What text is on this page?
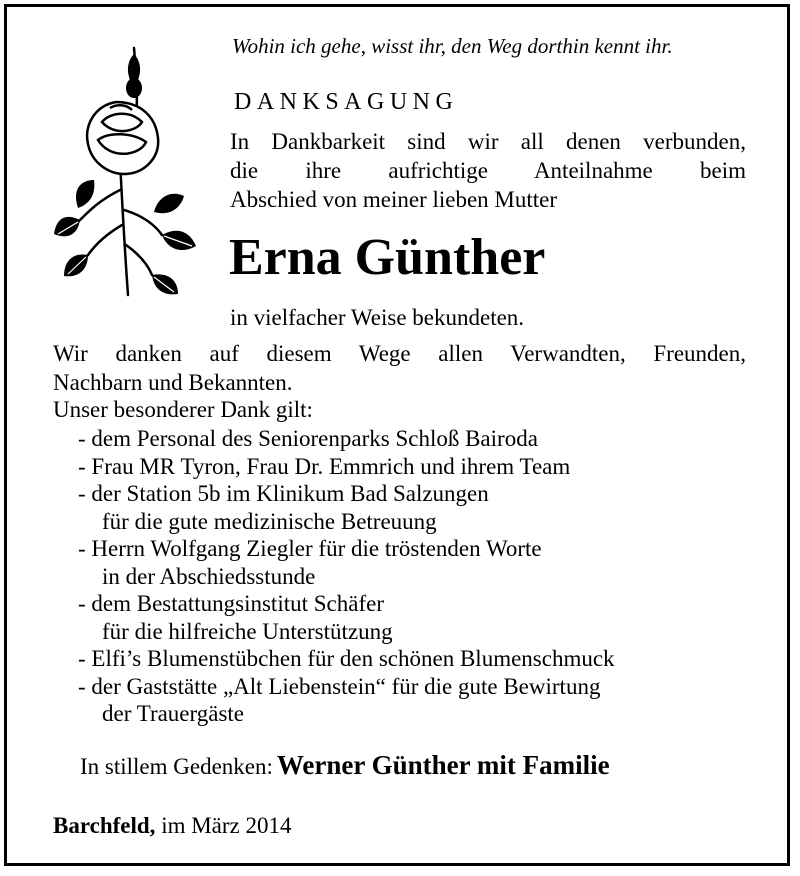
Wohin ich gehe, wisst ihr, den Weg dorthin kennt ihr.
DANKSAGUNG
In Dankbarkeit sind wir all denen verbunden,
die ihre aufrichtige Anteilnahme beim
Abschied von meiner lieben Mutter
Erna Günther
in vielfacher Weise bekundeten.
Wir danken auf diesem Wege allen Verwandten, Freunden,
Nachbarn und Bekannten.
Unser besonderer Dank gilt:
- dem Personal des Seniorenparks Schloß Bairoda
- Frau MR Tyron, Frau Dr. Emmrich und ihrem Team
- der Station 5b im Klinikum Bad Salzungen
für die gute medizinische Betreuung
- Herrn Wolfgang Ziegler für die tröstenden Worte
in der Abschiedsstunde
- dem Bestattungsinstitut Schäfer
für die hilfreiche Unterstützung
- Elfi’s Blumenstübchen für den schönen Blumenschmuck
- der Gaststätte „Alt Liebenstein“ für die gute Bewirtung
der Trauergäste
In stillem Gedenken: Werner Günther mit Familie
Barchfeld, im März 2014
